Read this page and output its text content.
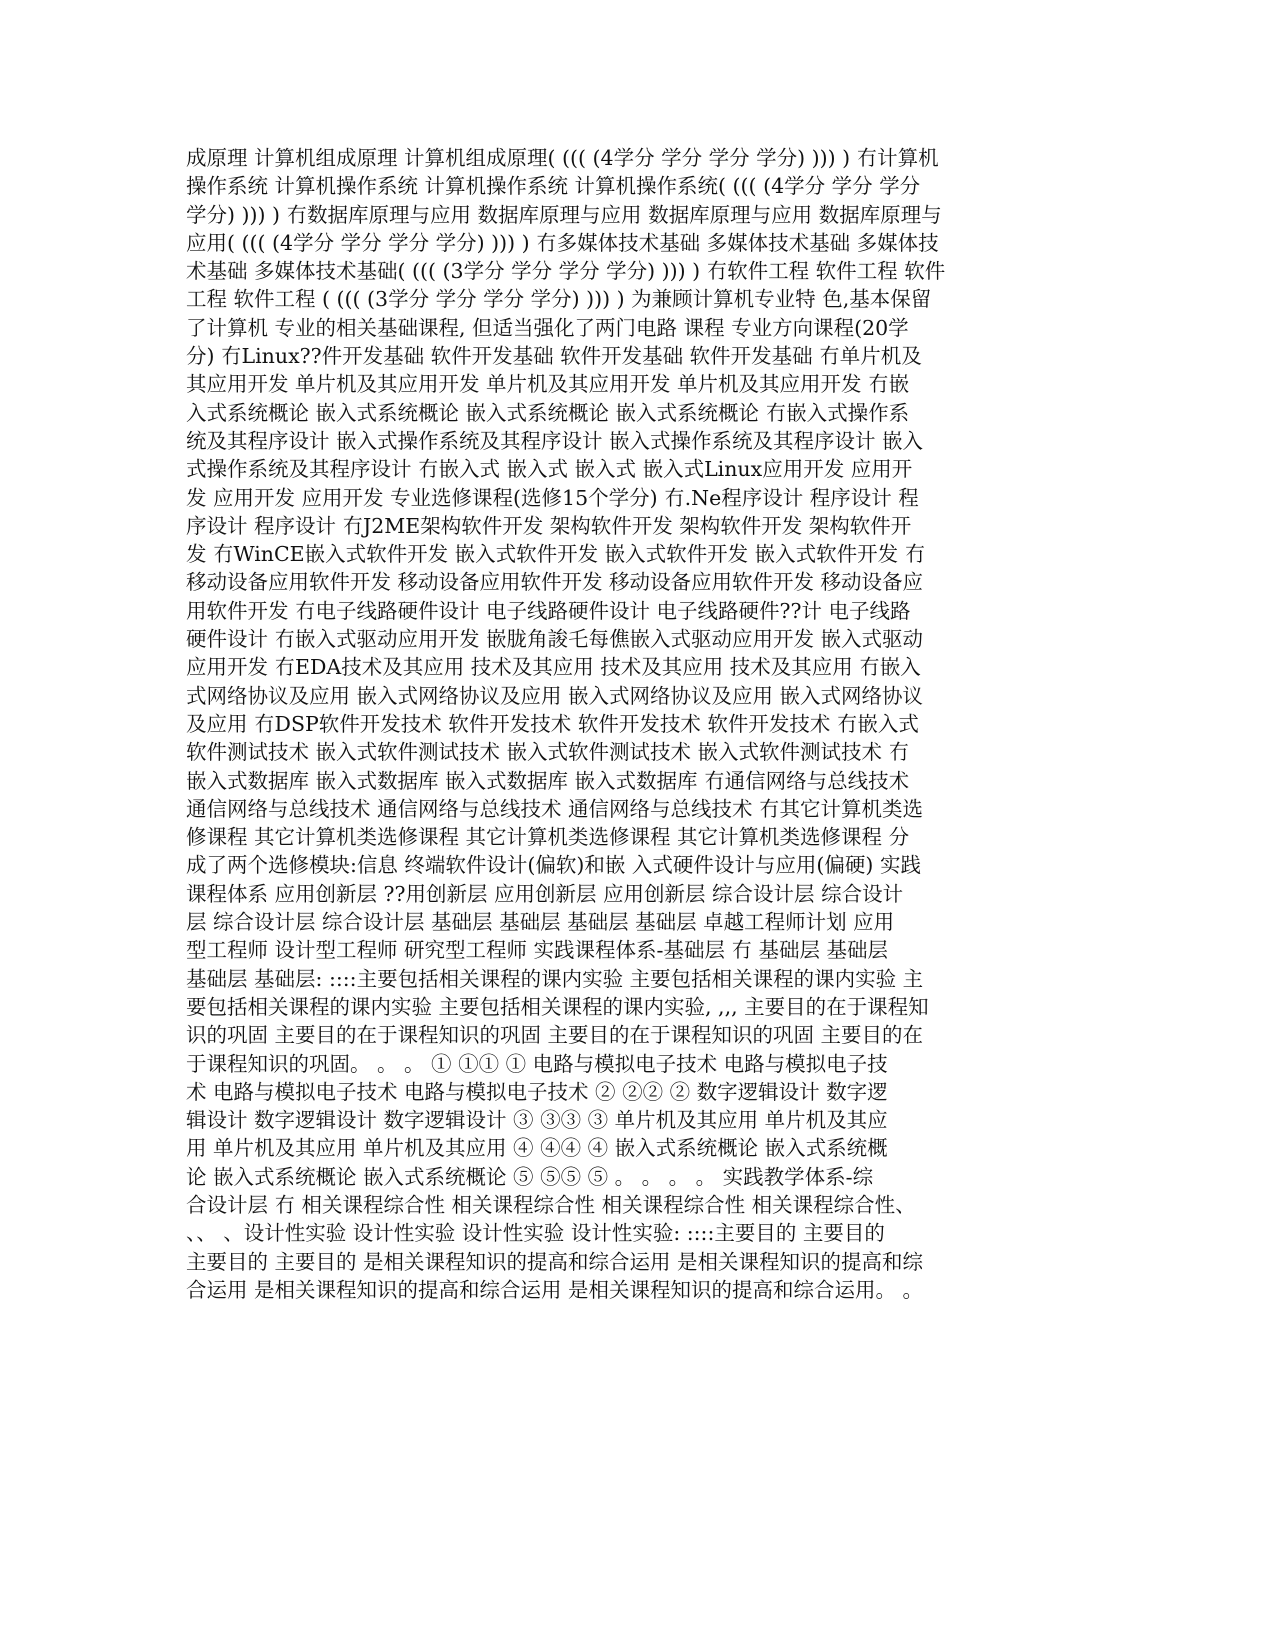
成原理 计算机组成原理 计算机组成原理( ((( (4学分 学分 学分 学分) ))) ) 冇计算机
操作系统 计算机操作系统 计算机操作系统 计算机操作系统( ((( (4学分 学分 学分
学分) ))) ) 冇数据库原理与应用 数据库原理与应用 数据库原理与应用 数据库原理与
应用( ((( (4学分 学分 学分 学分) ))) ) 冇多媒体技术基础 多媒体技术基础 多媒体技
术基础 多媒体技术基础( ((( (3学分 学分 学分 学分) ))) ) 冇软件工程 软件工程 软件
工程 软件工程 ( ((( (3学分 学分 学分 学分) ))) ) 为兼顾计算机专业特 色,基本保留
了计算机 专业的相关基础课程, 但适当强化了两门电路 课程 专业方向课程(20学
分) 冇Linux??件开发基础 软件开发基础 软件开发基础 软件开发基础 冇单片机及
其应用开发 单片机及其应用开发 单片机及其应用开发 单片机及其应用开发 冇嵌
入式系统概论 嵌入式系统概论 嵌入式系统概论 嵌入式系统概论 冇嵌入式操作系
统及其程序设计 嵌入式操作系统及其程序设计 嵌入式操作系统及其程序设计 嵌入
式操作系统及其程序设计 冇嵌入式 嵌入式 嵌入式 嵌入式Linux应用开发 应用开
发 应用开发 应用开发 专业选修课程(选修15个学分) 冇.Ne程序设计 程序设计 程
序设计 程序设计 冇J2ME架构软件开发 架构软件开发 架构软件开发 架构软件开
发 冇WinCE嵌入式软件开发 嵌入式软件开发 嵌入式软件开发 嵌入式软件开发 冇
移动设备应用软件开发 移动设备应用软件开发 移动设备应用软件开发 移动设备应
用软件开发 冇电子线路硬件设计 电子线路硬件设计 电子线路硬件??计 电子线路
硬件设计 冇嵌入式驱动应用开发 嵌胧角誜乇每僬嵌入式驱动应用开发 嵌入式驱动
应用开发 冇EDA技术及其应用 技术及其应用 技术及其应用 技术及其应用 冇嵌入
式网络协议及应用 嵌入式网络协议及应用 嵌入式网络协议及应用 嵌入式网络协议
及应用 冇DSP软件开发技术 软件开发技术 软件开发技术 软件开发技术 冇嵌入式
软件测试技术 嵌入式软件测试技术 嵌入式软件测试技术 嵌入式软件测试技术 冇
嵌入式数据库 嵌入式数据库 嵌入式数据库 嵌入式数据库 冇通信网络与总线技术
通信网络与总线技术 通信网络与总线技术 通信网络与总线技术 冇其它计算机类选
修课程 其它计算机类选修课程 其它计算机类选修课程 其它计算机类选修课程 分
成了两个选修模块:信息 终端软件设计(偏软)和嵌 入式硬件设计与应用(偏硬) 实践
课程体系 应用创新层 ??用创新层 应用创新层 应用创新层 综合设计层 综合设计
层 综合设计层 综合设计层 基础层 基础层 基础层 基础层 卓越工程师计划 应用
型工程师 设计型工程师 研究型工程师 实践课程体系-基础层 冇 基础层 基础层
基础层 基础层: ::::主要包括相关课程的课内实验 主要包括相关课程的课内实验 主
要包括相关课程的课内实验 主要包括相关课程的课内实验, ,,, 主要目的在于课程知
识的巩固 主要目的在于课程知识的巩固 主要目的在于课程知识的巩固 主要目的在
于课程知识的巩固。 。 。 ① ①① ① 电路与模拟电子技术 电路与模拟电子技
术 电路与模拟电子技术 电路与模拟电子技术 ② ②② ② 数字逻辑设计 数字逻
辑设计 数字逻辑设计 数字逻辑设计 ③ ③③ ③ 单片机及其应用 单片机及其应
用 单片机及其应用 单片机及其应用 ④ ④④ ④ 嵌入式系统概论 嵌入式系统概
论 嵌入式系统概论 嵌入式系统概论 ⑤ ⑤⑤ ⑤ 。 。 。 。 实践教学体系-综
合设计层 冇 相关课程综合性 相关课程综合性 相关课程综合性 相关课程综合性、
、、 、设计性实验 设计性实验 设计性实验 设计性实验: ::::主要目的 主要目的
主要目的 主要目的 是相关课程知识的提高和综合运用 是相关课程知识的提高和综
合运用 是相关课程知识的提高和综合运用 是相关课程知识的提高和综合运用。 。
